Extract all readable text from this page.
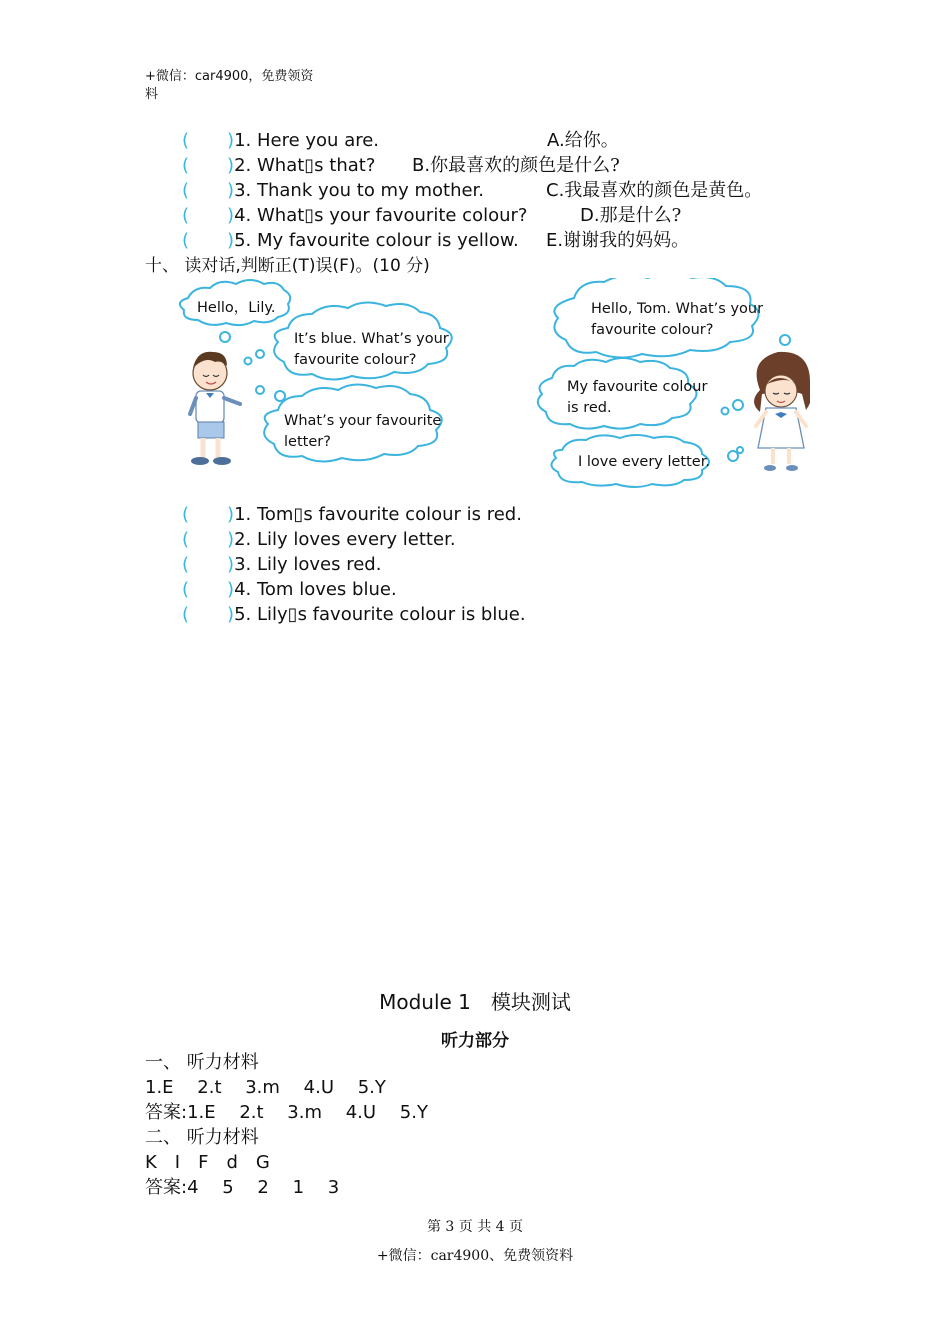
+微信：car4900，免费领资
料
( )1. Here you are.	A.给你。
( )2. What▯s that? B.你最喜欢的颜色是什么?
( )3. Thank you to my mother.	C.我最喜欢的颜色是黄色。
( )4. What▯s your favourite colour?	D.那是什么?
( )5. My favourite colour is yellow. E.谢谢我的妈妈。
十、 读对话,判断正(T)误(F)。(10 分)
Hello，Lily.
It’s blue. What’s your
favourite colour?
What’s your favourite
letter?
Hello, Tom. What’s your
favourite colour?
My favourite colour
is red.
I love every letter.
( )1. Tom▯s favourite colour is red.
( )2. Lily loves every letter.
( )3. Lily loves red.
( )4. Tom loves blue.
( )5. Lily▯s favourite colour is blue.
Module 1　模块测试
听力部分
一、 听力材料
1.E　 2.t　 3.m　 4.U　 5.Y
答案:1.E　 2.t　 3.m　 4.U　 5.Y
二、 听力材料
K　I　F　d　G
答案:4　 5　 2　 1　 3
第 3 页 共 4 页
+微信：car4900、免费领资料
